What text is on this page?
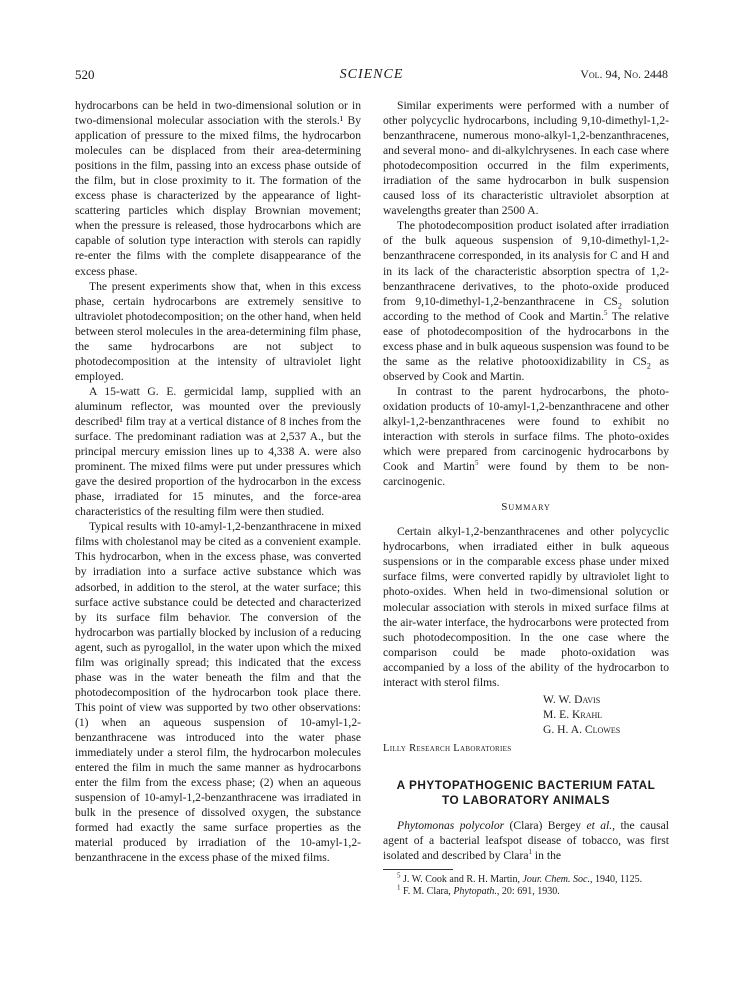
520	SCIENCE	Vol. 94, No. 2448

hydrocarbons can be held in two-dimensional solution or in two-dimensional molecular association with the sterols.¹ By application of pressure to the mixed films, the hydrocarbon molecules can be displaced from their area-determining positions in the film, passing into an excess phase outside of the film, but in close proximity to it. The formation of the excess phase is characterized by the appearance of light-scattering particles which display Brownian movement; when the pressure is released, those hydrocarbons which are capable of solution type interaction with sterols can rapidly re-enter the films with the complete disappearance of the excess phase.

The present experiments show that, when in this excess phase, certain hydrocarbons are extremely sensitive to ultraviolet photodecomposition; on the other hand, when held between sterol molecules in the area-determining film phase, the same hydrocarbons are not subject to photodecomposition at the intensity of ultraviolet light employed.

A 15-watt G. E. germicidal lamp, supplied with an aluminum reflector, was mounted over the previously described¹ film tray at a vertical distance of 8 inches from the surface. The predominant radiation was at 2,537 A., but the principal mercury emission lines up to 4,338 A. were also prominent. The mixed films were put under pressures which gave the desired proportion of the hydrocarbon in the excess phase, irradiated for 15 minutes, and the force-area characteristics of the resulting film were then studied.

Typical results with 10-amyl-1,2-benzanthracene in mixed films with cholestanol may be cited as a convenient example. This hydrocarbon, when in the excess phase, was converted by irradiation into a surface active substance which was adsorbed, in addition to the sterol, at the water surface; this surface active substance could be detected and characterized by its surface film behavior. The conversion of the hydrocarbon was partially blocked by inclusion of a reducing agent, such as pyrogallol, in the water upon which the mixed film was originally spread; this indicated that the excess phase was in the water beneath the film and that the photodecomposition of the hydrocarbon took place there. This point of view was supported by two other observations: (1) when an aqueous suspension of 10-amyl-1,2-benzanthracene was introduced into the water phase immediately under a sterol film, the hydrocarbon molecules entered the film in much the same manner as hydrocarbons enter the film from the excess phase; (2) when an aqueous suspension of 10-amyl-1,2-benzanthracene was irradiated in bulk in the presence of dissolved oxygen, the substance formed had exactly the same surface properties as the material produced by irradiation of the 10-amyl-1,2-benzanthracene in the excess phase of the mixed films.

Similar experiments were performed with a number of other polycyclic hydrocarbons, including 9,10-dimethyl-1,2-benzanthracene, numerous mono-alkyl-1,2-benzanthracenes, and several mono- and di-alkylchrysenes. In each case where photodecomposition occurred in the film experiments, irradiation of the same hydrocarbon in bulk suspension caused loss of its characteristic ultraviolet absorption at wavelengths greater than 2500 A.

The photodecomposition product isolated after irradiation of the bulk aqueous suspension of 9,10-dimethyl-1,2-benzanthracene corresponded, in its analysis for C and H and in its lack of the characteristic absorption spectra of 1,2-benzanthracene derivatives, to the photo-oxide produced from 9,10-dimethyl-1,2-benzanthracene in $CS_2$ solution according to the method of Cook and Martin.$^5$ The relative ease of photodecomposition of the hydrocarbons in the excess phase and in bulk aqueous suspension was found to be the same as the relative photooxidizability in $CS_2$ as observed by Cook and Martin.

In contrast to the parent hydrocarbons, the photo-oxidation products of 10-amyl-1,2-benzanthracene and other alkyl-1,2-benzanthracenes were found to exhibit no interaction with sterols in surface films. The photo-oxides which were prepared from carcinogenic hydrocarbons by Cook and Martin$^5$ were found by them to be non-carcinogenic.

Summary

Certain alkyl-1,2-benzanthracenes and other polycyclic hydrocarbons, when irradiated either in bulk aqueous suspensions or in the comparable excess phase under mixed surface films, were converted rapidly by ultraviolet light to photo-oxides. When held in two-dimensional solution or molecular association with sterols in mixed surface films at the air-water interface, the hydrocarbons were protected from such photodecomposition. In the one case where the comparison could be made photo-oxidation was accompanied by a loss of the ability of the hydrocarbon to interact with sterol films.

W. W. Davis
M. E. Krahl
G. H. A. Clowes
Lilly Research Laboratories
A PHYTOPATHOGENIC BACTERIUM FATAL
TO LABORATORY ANIMALS

Phytomonas polycolor (Clara) Bergey et al., the causal agent of a bacterial leafspot disease of tobacco, was first isolated and described by Clara$^1$ in the

$^5$ J. W. Cook and R. H. Martin, Jour. Chem. Soc., 1940, 1125.

$^1$ F. M. Clara, Phytopath., 20: 691, 1930.
